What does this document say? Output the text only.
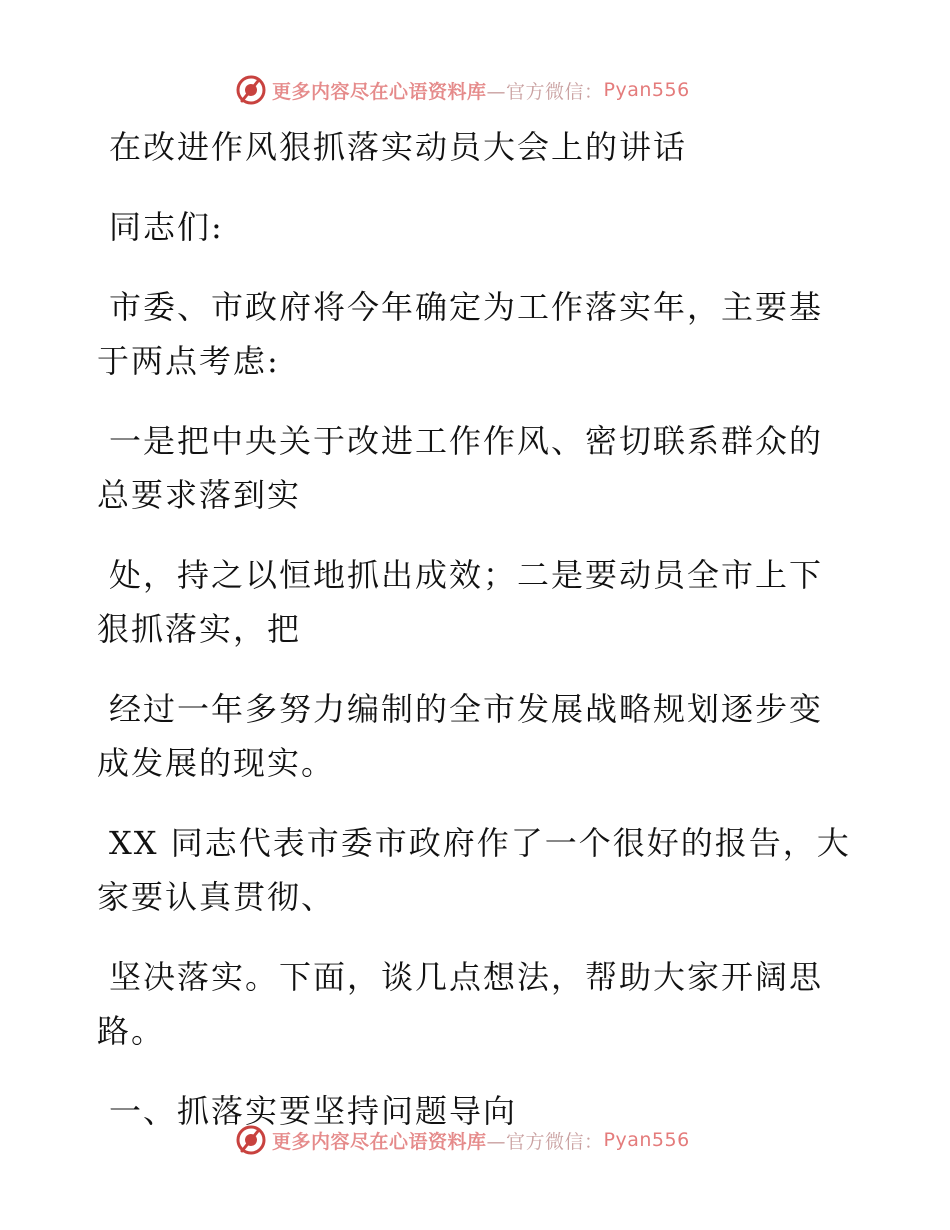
更多内容尽在心语资料库 —官方微信： Pyan556
在改进作风狠抓落实动员大会上的讲话
同志们:
市委、市政府将今年确定为工作落实年，主要基
于两点考虑:
一是把中央关于改进工作作风、密切联系群众的
总要求落到实
处，持之以恒地抓出成效；二是要动员全市上下
狠抓落实，把
经过一年多努力编制的全市发展战略规划逐步变
成发展的现实。
XX 同志代表市委市政府作了一个很好的报告，大
家要认真贯彻、
坚决落实。下面，谈几点想法，帮助大家开阔思
路。
一、抓落实要坚持问题导向
更多内容尽在心语资料库 —官方微信： Pyan556
